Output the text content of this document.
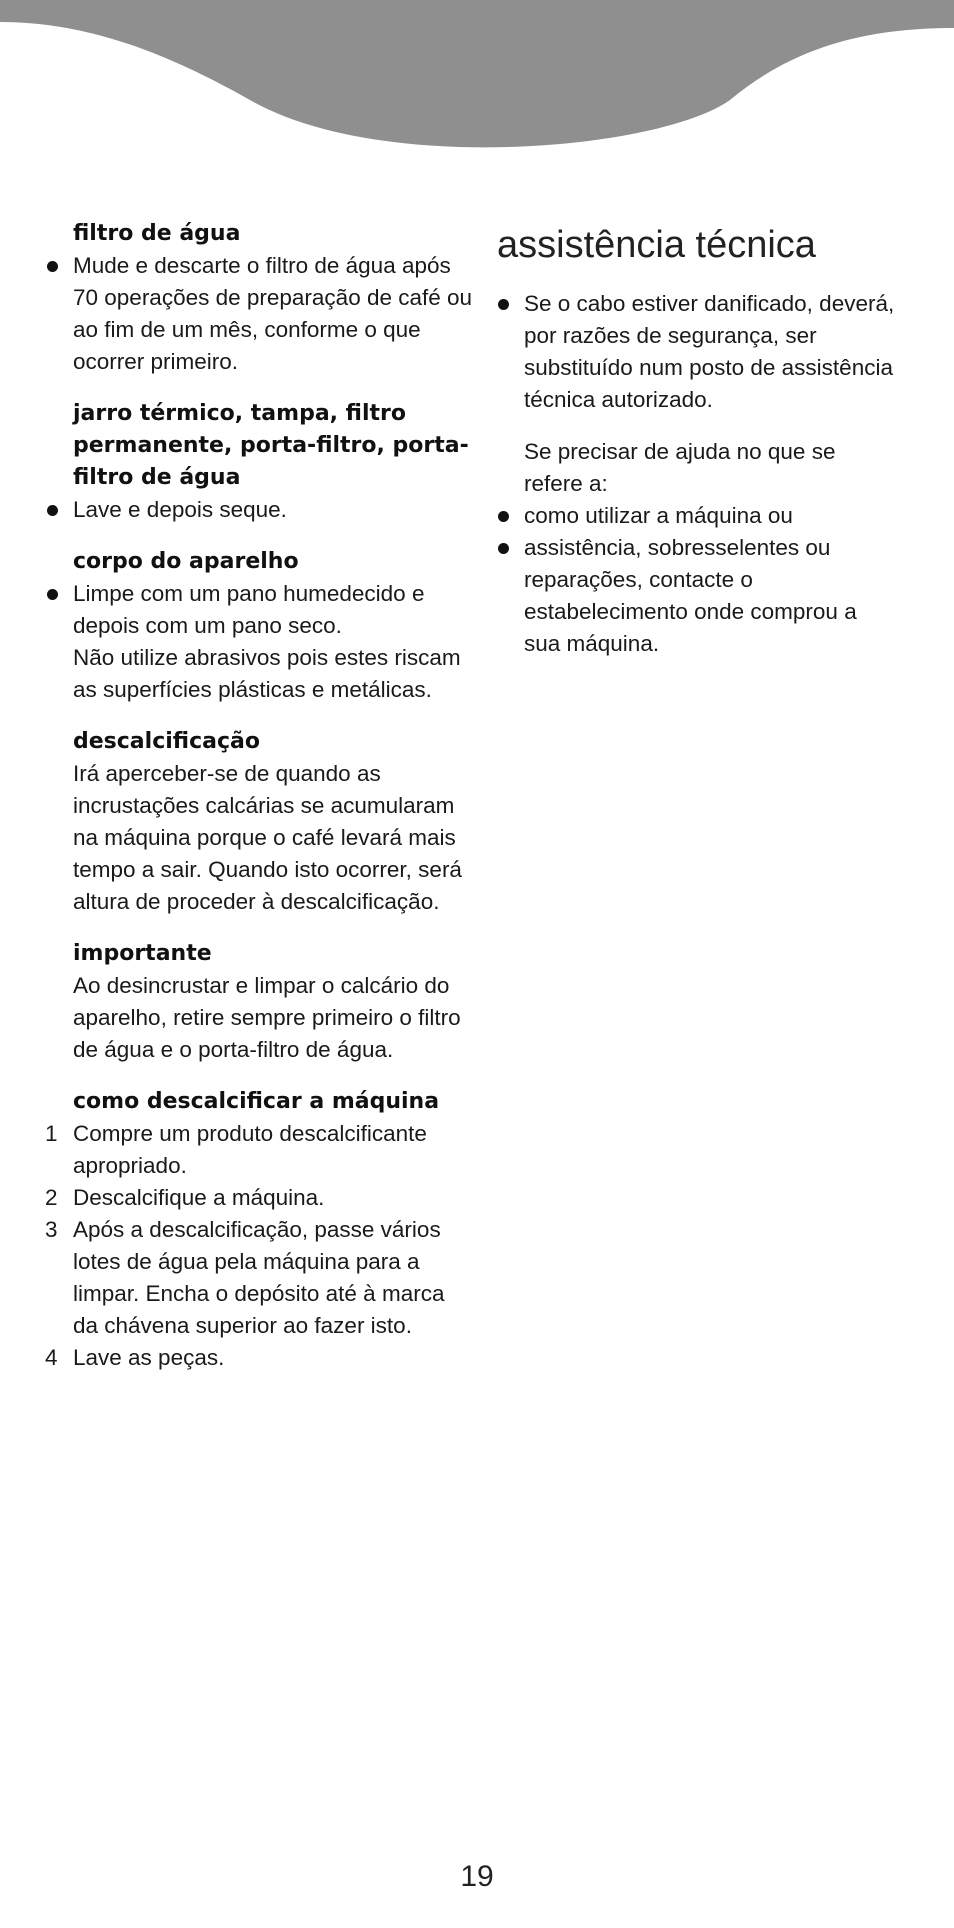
filtro de água
Mude e descarte o filtro de água após 70 operações de preparação de café ou ao fim de um mês, conforme o que ocorrer primeiro.
jarro térmico, tampa, filtro permanente, porta-filtro, porta-filtro de água
Lave e depois seque.
corpo do aparelho
Limpe com um pano humedecido e depois com um pano seco.
Não utilize abrasivos pois estes riscam as superfícies plásticas e metálicas.
descalcificação
Irá aperceber-se de quando as incrustações calcárias se acumularam na máquina porque o café levará mais tempo a sair. Quando isto ocorrer, será altura de proceder à descalcificação.
importante
Ao desincrustar e limpar o calcário do aparelho, retire sempre primeiro o filtro de água e o porta-filtro de água.
como descalcificar a máquina
1 Compre um produto descalcificante apropriado.
2 Descalcifique a máquina.
3 Após a descalcificação, passe vários lotes de água pela máquina para a limpar. Encha o depósito até à marca da chávena superior ao fazer isto.
4 Lave as peças.
assistência técnica
Se o cabo estiver danificado, deverá, por razões de segurança, ser substituído num posto de assistência técnica autorizado.
Se precisar de ajuda no que se refere a:
como utilizar a máquina ou
assistência, sobresselentes ou reparações, contacte o estabelecimento onde comprou a sua máquina.
19
